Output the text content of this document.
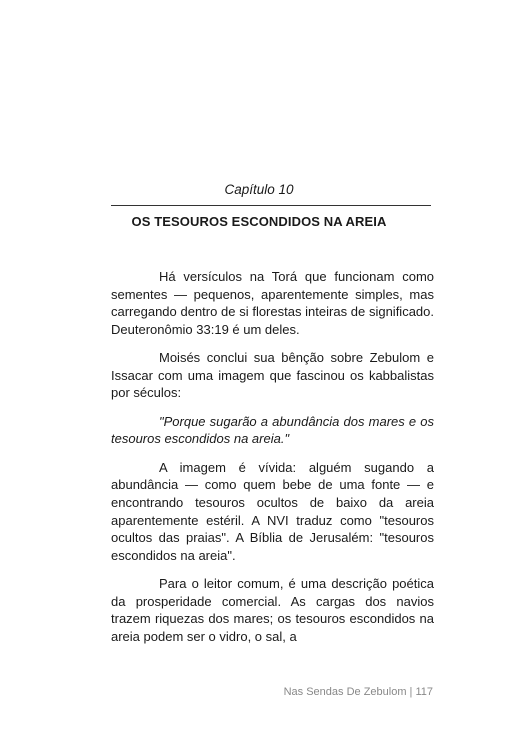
Capítulo 10
OS TESOUROS ESCONDIDOS NA AREIA

Há versículos na Torá que funcionam como sementes — pequenos, aparentemente simples, mas carregando dentro de si florestas inteiras de significado. Deuteronômio 33:19 é um deles.

Moisés conclui sua bênção sobre Zebulom e Issacar com uma imagem que fascinou os kabbalistas por séculos:

"Porque sugarão a abundância dos mares e os tesouros escondidos na areia."

A imagem é vívida: alguém sugando a abundância — como quem bebe de uma fonte — e encontrando tesouros ocultos de baixo da areia aparentemente estéril. A NVI traduz como "tesouros ocultos das praias". A Bíblia de Jerusalém: "tesouros escondidos na areia".

Para o leitor comum, é uma descrição poética da prosperidade comercial. As cargas dos navios trazem riquezas dos mares; os tesouros escondidos na areia podem ser o vidro, o sal, a

Nas Sendas De Zebulom | 117
